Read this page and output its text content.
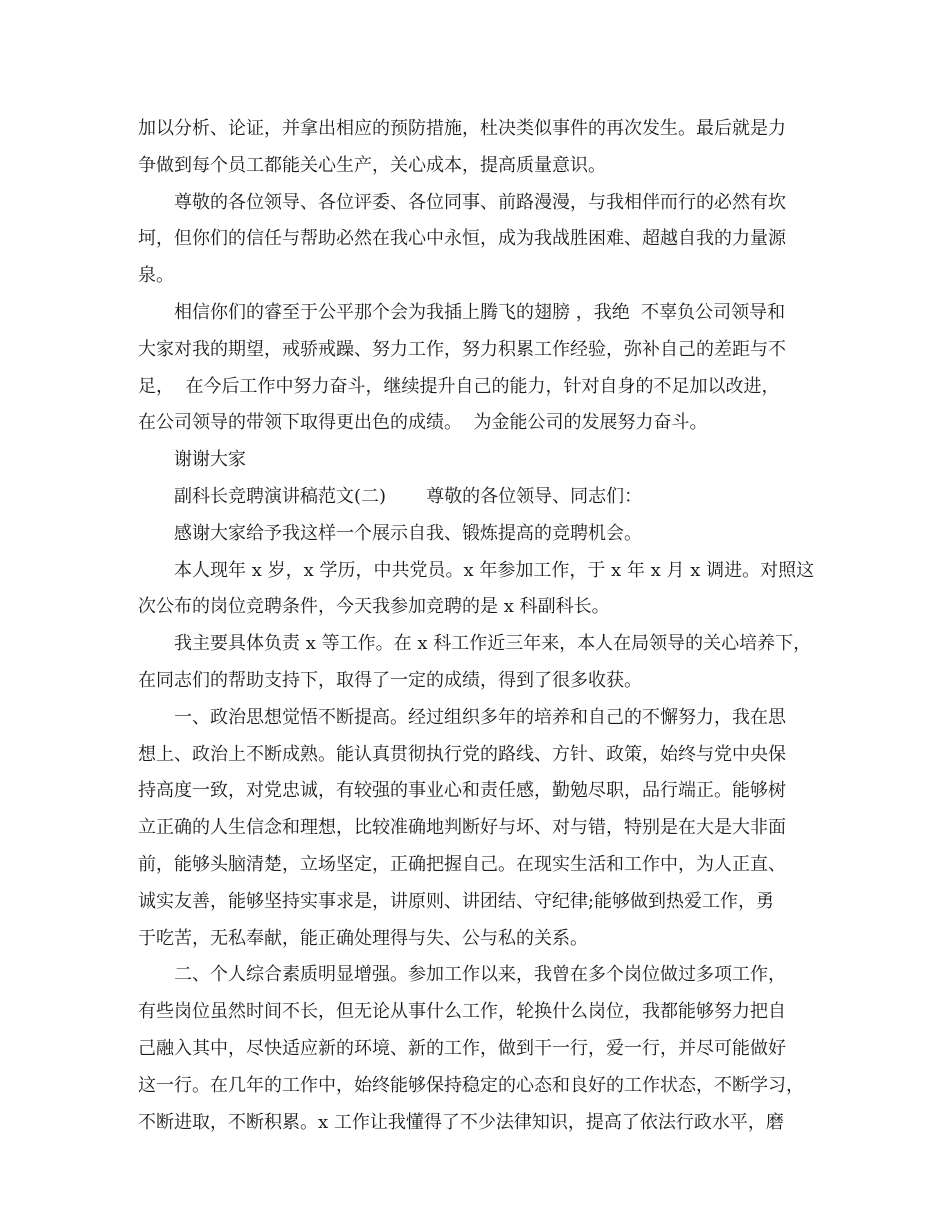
加以分析、论证，并拿出相应的预防措施，杜决类似事件的再次发生。最后就是力
争做到每个员工都能关心生产，关心成本，提高质量意识。
尊敬的各位领导、各位评委、各位同事、前路漫漫，与我相伴而行的必然有坎
坷，但你们的信任与帮助必然在我心中永恒，成为我战胜困难、超越自我的力量源
泉。
相信你们的睿至于公平那个会为我插上腾飞的翅膀 ，我绝  不辜负公司领导和
大家对我的期望，戒骄戒躁、努力工作，努力积累工作经验，弥补自己的差距与不
足，  在今后工作中努力奋斗，继续提升自己的能力，针对自身的不足加以改进，
在公司领导的带领下取得更出色的成绩。  为金能公司的发展努力奋斗。
谢谢大家
副科长竞聘演讲稿范文(二)       尊敬的各位领导、同志们：
感谢大家给予我这样一个展示自我、锻炼提高的竞聘机会。
本人现年 x 岁，x 学历，中共党员。x 年参加工作，于 x 年 x 月 x 调进。对照这
次公布的岗位竞聘条件，今天我参加竞聘的是 x 科副科长。
我主要具体负责 x 等工作。在 x 科工作近三年来，本人在局领导的关心培养下，
在同志们的帮助支持下，取得了一定的成绩，得到了很多收获。
一、政治思想觉悟不断提高。经过组织多年的培养和自己的不懈努力，我在思
想上、政治上不断成熟。能认真贯彻执行党的路线、方针、政策，始终与党中央保
持高度一致，对党忠诚，有较强的事业心和责任感，勤勉尽职，品行端正。能够树
立正确的人生信念和理想，比较准确地判断好与坏、对与错，特别是在大是大非面
前，能够头脑清楚，立场坚定，正确把握自己。在现实生活和工作中，为人正直、
诚实友善，能够坚持实事求是，讲原则、讲团结、守纪律;能够做到热爱工作，勇
于吃苦，无私奉献，能正确处理得与失、公与私的关系。
二、个人综合素质明显增强。参加工作以来，我曾在多个岗位做过多项工作，
有些岗位虽然时间不长，但无论从事什么工作，轮换什么岗位，我都能够努力把自
己融入其中，尽快适应新的环境、新的工作，做到干一行，爱一行，并尽可能做好
这一行。在几年的工作中，始终能够保持稳定的心态和良好的工作状态，不断学习，
不断进取，不断积累。x 工作让我懂得了不少法律知识，提高了依法行政水平，磨
